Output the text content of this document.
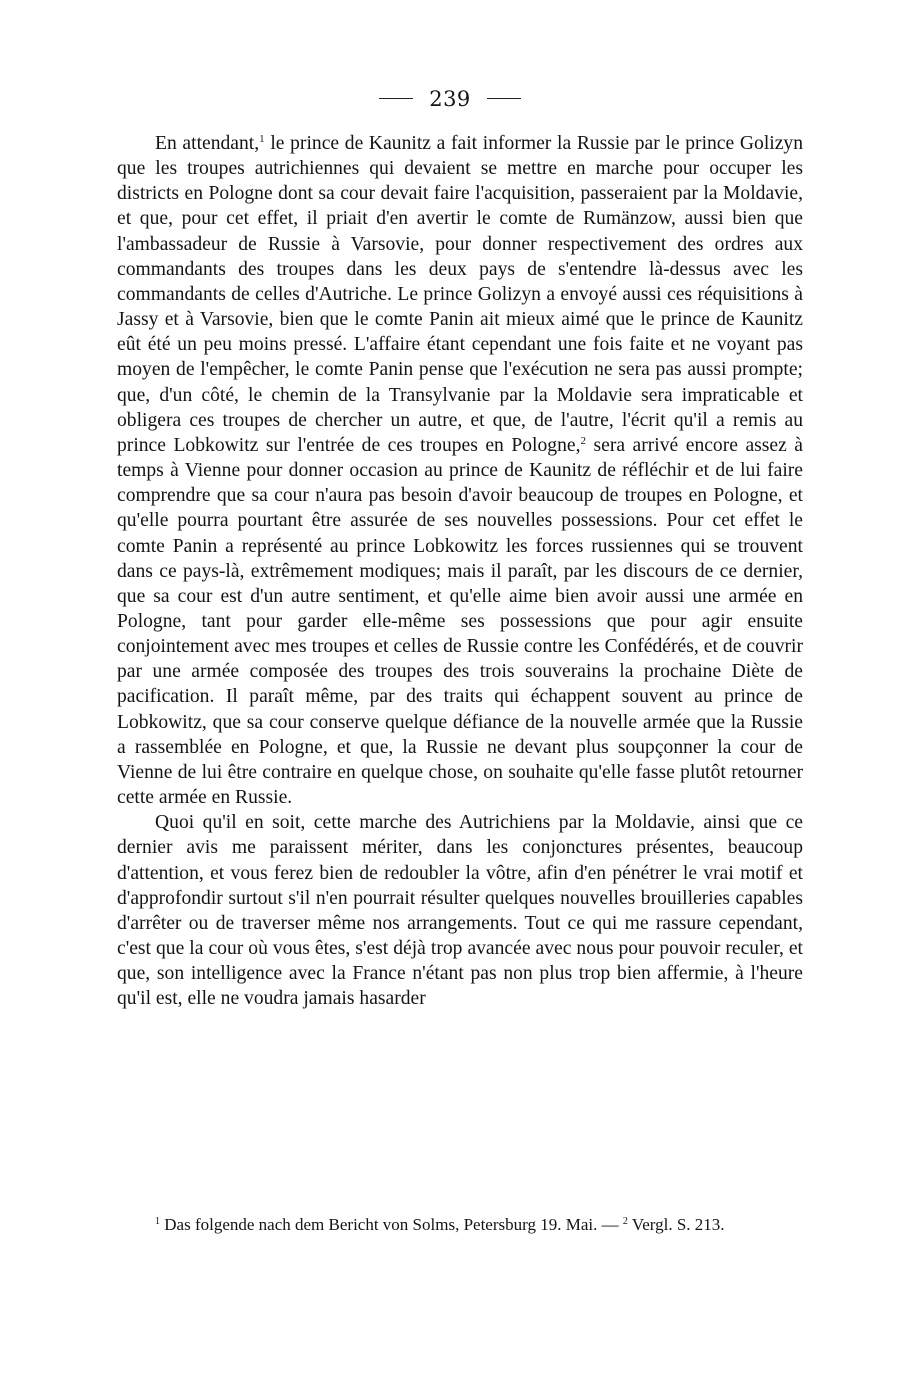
239

En attendant,$^1$ le prince de Kaunitz a fait informer la Russie par le prince Golizyn que les troupes autrichiennes qui devaient se mettre en marche pour occuper les districts en Pologne dont sa cour devait faire l'acquisition, passeraient par la Moldavie, et que, pour cet effet, il priait d'en avertir le comte de Rumänzow, aussi bien que l'ambassadeur de Russie à Varsovie, pour donner respectivement des ordres aux commandants des troupes dans les deux pays de s'entendre là-dessus avec les commandants de celles d'Autriche. Le prince Golizyn a envoyé aussi ces réquisitions à Jassy et à Varsovie, bien que le comte Panin ait mieux aimé que le prince de Kaunitz eût été un peu moins pressé. L'affaire étant cependant une fois faite et ne voyant pas moyen de l'empêcher, le comte Panin pense que l'exécution ne sera pas aussi prompte; que, d'un côté, le chemin de la Transylvanie par la Moldavie sera impraticable et obligera ces troupes de chercher un autre, et que, de l'autre, l'écrit qu'il a remis au prince Lobkowitz sur l'entrée de ces troupes en Pologne,$^2$ sera arrivé encore assez à temps à Vienne pour donner occasion au prince de Kaunitz de réfléchir et de lui faire comprendre que sa cour n'aura pas besoin d'avoir beaucoup de troupes en Pologne, et qu'elle pourra pourtant être assurée de ses nouvelles possessions. Pour cet effet le comte Panin a représenté au prince Lobkowitz les forces russiennes qui se trouvent dans ce pays-là, extrêmement modiques; mais il paraît, par les discours de ce dernier, que sa cour est d'un autre sentiment, et qu'elle aime bien avoir aussi une armée en Pologne, tant pour garder elle-même ses possessions que pour agir ensuite conjointement avec mes troupes et celles de Russie contre les Confédérés, et de couvrir par une armée composée des troupes des trois souverains la prochaine Diète de pacification. Il paraît même, par des traits qui échappent souvent au prince de Lobkowitz, que sa cour conserve quelque défiance de la nouvelle armée que la Russie a rassemblée en Pologne, et que, la Russie ne devant plus soupçonner la cour de Vienne de lui être contraire en quelque chose, on souhaite qu'elle fasse plutôt retourner cette armée en Russie.

Quoi qu'il en soit, cette marche des Autrichiens par la Moldavie, ainsi que ce dernier avis me paraissent mériter, dans les conjonctures présentes, beaucoup d'attention, et vous ferez bien de redoubler la vôtre, afin d'en pénétrer le vrai motif et d'approfondir surtout s'il n'en pourrait résulter quelques nouvelles brouilleries capables d'arrêter ou de traverser même nos arrangements. Tout ce qui me rassure cependant, c'est que la cour où vous êtes, s'est déjà trop avancée avec nous pour pouvoir reculer, et que, son intelligence avec la France n'étant pas non plus trop bien affermie, à l'heure qu'il est, elle ne voudra jamais hasarder

$^1$ Das folgende nach dem Bericht von Solms, Petersburg 19. Mai. — $^2$ Vergl. S. 213.
